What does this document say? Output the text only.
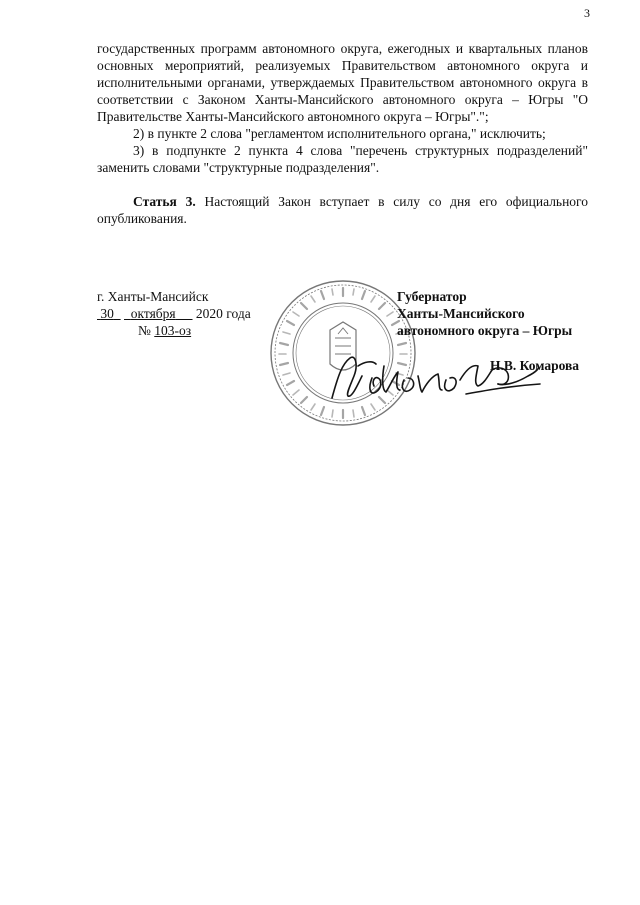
3

государственных программ автономного округа, ежегодных и квартальных планов основных мероприятий, реализуемых Правительством автономного округа и исполнительными органами, утверждаемых Правительством автономного округа в соответствии с Законом Ханты-Мансийского автономного округа – Югры "О Правительстве Ханты-Мансийского автономного округа – Югры".";

2) в пункте 2 слова "регламентом исполнительного органа," исключить;

3) в подпункте 2 пункта 4 слова "перечень структурных подразделений" заменить словами "структурные подразделения".

Статья 3. Настоящий Закон вступает в силу со дня его официального опубликования.

г. Ханты-Мансийск
30 октября 2020 года
№ 103-оз
Губернатор
Ханты-Мансийского
автономного округа – Югры
Н.В. Комарова
